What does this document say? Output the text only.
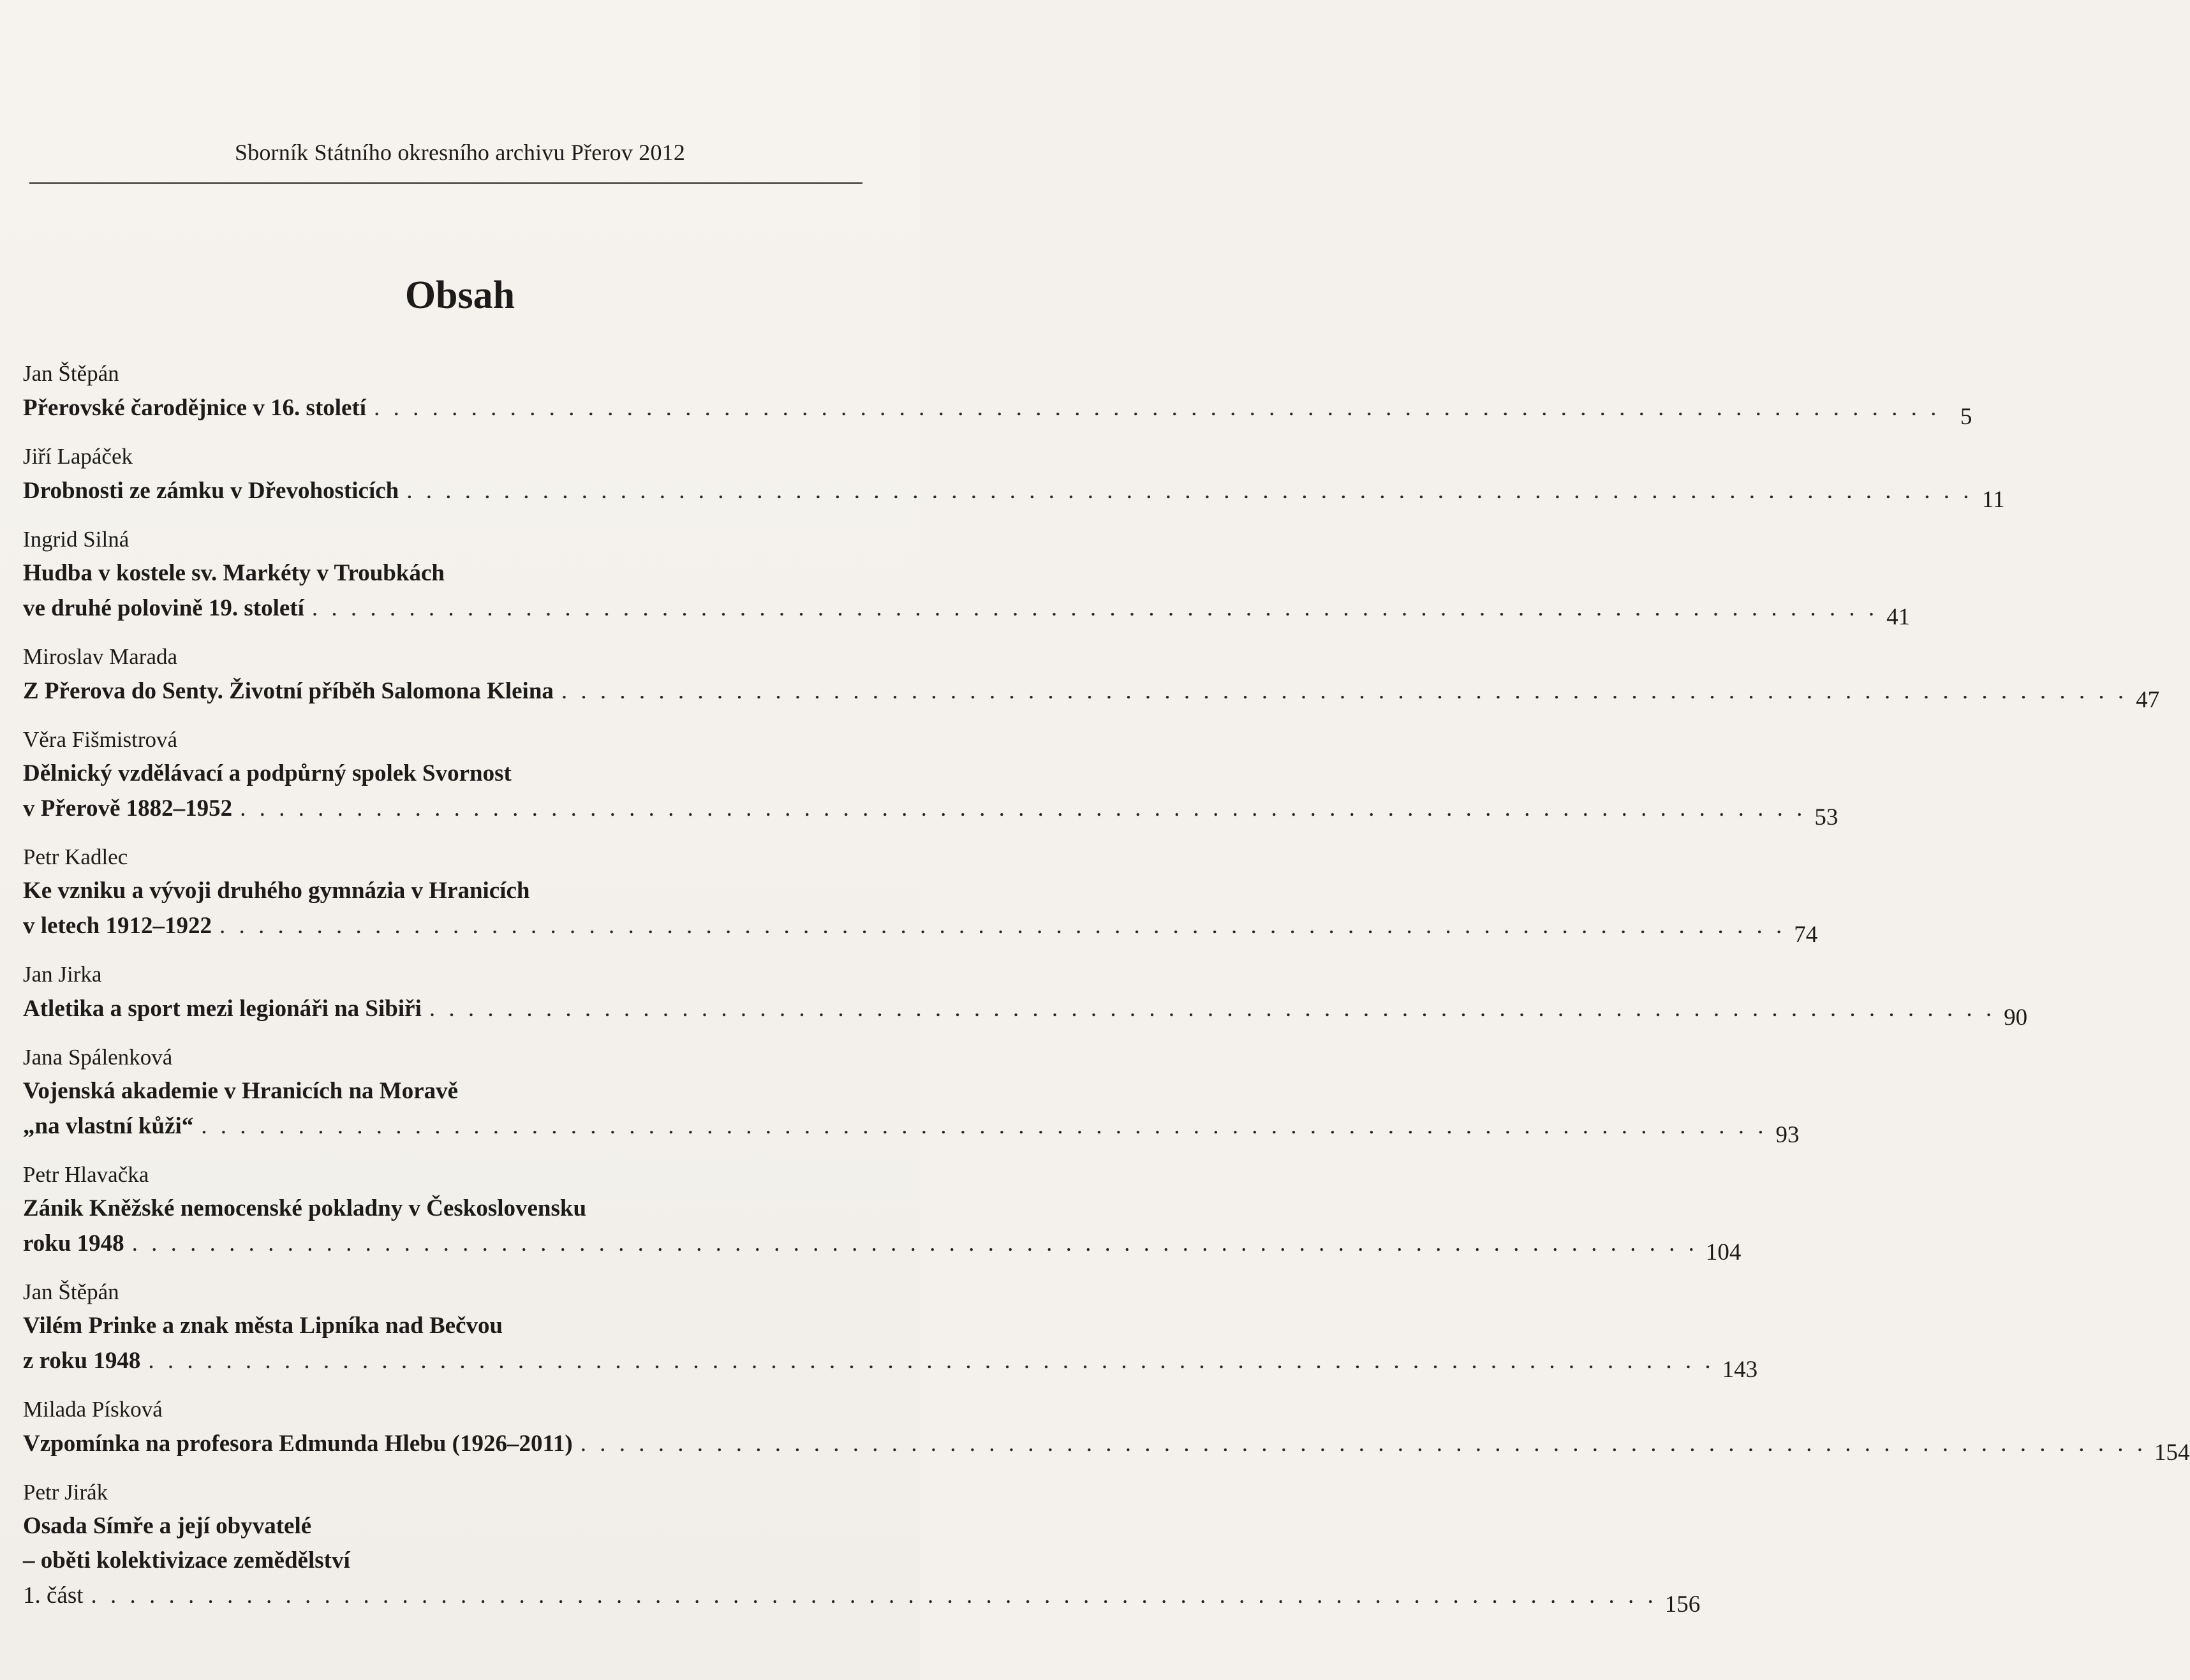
Sborník Státního okresního archivu Přerov 2012
Obsah
Jan Štěpán
Přerovské čarodějnice v 16. století . . . . . . . . . . . . . . . . . . . . . . . . . . . . . . . . . . . . . . . . . . . . . . . . . . . . . . . . . . . . . . . . . . . . . . . . . . . . . . . . . 5
Jiří Lapáček
Drobnosti ze zámku v Dřevohosticích . . . . . . . . . . . . . . . . . . . . . . . . . . . . . . . . . . . . . . . . . . . . . . . . . . . . . . . . . . . . . . . . . . . . . . . . . . . . . . . . . 11
Ingrid Silná
Hudba v kostele sv. Markéty v Troubkách
ve druhé polovině 19. století . . . . . . . . . . . . . . . . . . . . . . . . . . . . . . . . . . . . . . . . . . . . . . . . . . . . . . . . . . . . . . . . . . . . . . . . . . . . . . . . . 41
Miroslav Marada
Z Přerova do Senty. Životní příběh Salomona Kleina . . . . . . . . . . . . . . . . . . . . . . . . . . . . . . . . . . . . . . . . . . . . . . . . . . . . . . . . . . . . . . . . . . . . . . . . . . . . . . . . . 47
Věra Fišmistrová
Dělnický vzdělávací a podpůrný spolek Svornost
v Přerově 1882–1952 . . . . . . . . . . . . . . . . . . . . . . . . . . . . . . . . . . . . . . . . . . . . . . . . . . . . . . . . . . . . . . . . . . . . . . . . . . . . . . . . . 53
Petr Kadlec
Ke vzniku a vývoji druhého gymnázia v Hranicích
v letech 1912–1922 . . . . . . . . . . . . . . . . . . . . . . . . . . . . . . . . . . . . . . . . . . . . . . . . . . . . . . . . . . . . . . . . . . . . . . . . . . . . . . . . . 74
Jan Jirka
Atletika a sport mezi legionáři na Sibiři . . . . . . . . . . . . . . . . . . . . . . . . . . . . . . . . . . . . . . . . . . . . . . . . . . . . . . . . . . . . . . . . . . . . . . . . . . . . . . . . . 90
Jana Spálenková
Vojenská akademie v Hranicích na Moravě
„na vlastní kůži“ . . . . . . . . . . . . . . . . . . . . . . . . . . . . . . . . . . . . . . . . . . . . . . . . . . . . . . . . . . . . . . . . . . . . . . . . . . . . . . . . . 93
Petr Hlavačka
Zánik Kněžské nemocenské pokladny v Československu
roku 1948 . . . . . . . . . . . . . . . . . . . . . . . . . . . . . . . . . . . . . . . . . . . . . . . . . . . . . . . . . . . . . . . . . . . . . . . . . . . . . . . . . 104
Jan Štěpán
Vilém Prinke a znak města Lipníka nad Bečvou
z roku 1948 . . . . . . . . . . . . . . . . . . . . . . . . . . . . . . . . . . . . . . . . . . . . . . . . . . . . . . . . . . . . . . . . . . . . . . . . . . . . . . . . . 143
Milada Písková
Vzpomínka na profesora Edmunda Hlebu (1926–2011) . . . . . . . . . . . . . . . . . . . . . . . . . . . . . . . . . . . . . . . . . . . . . . . . . . . . . . . . . . . . . . . . . . . . . . . . . . . . . . . . . 154
Petr Jirák
Osada Símře a její obyvatelé
– oběti kolektivizace zemědělství
1. část . . . . . . . . . . . . . . . . . . . . . . . . . . . . . . . . . . . . . . . . . . . . . . . . . . . . . . . . . . . . . . . . . . . . . . . . . . . . . . . . . 156
